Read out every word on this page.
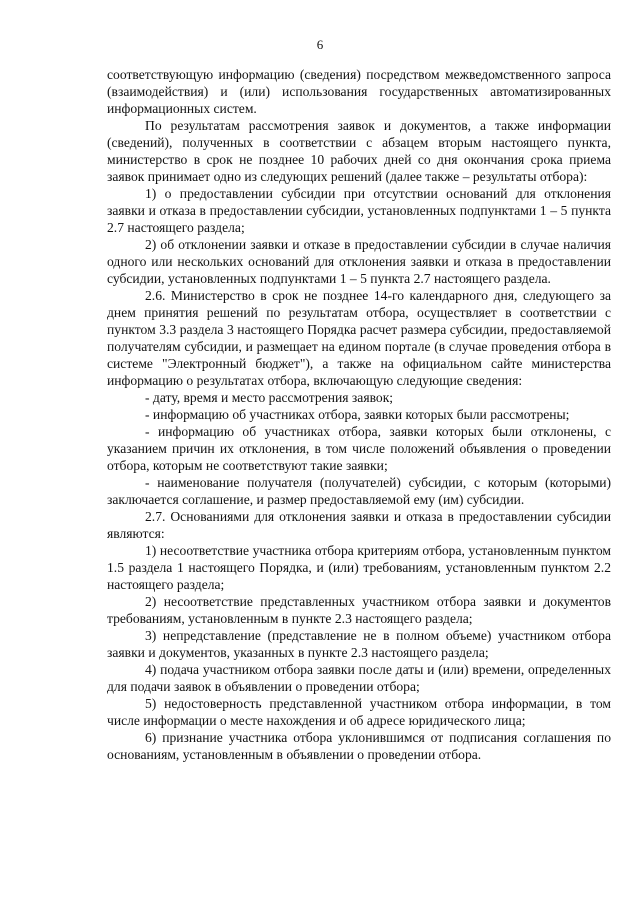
6

соответствующую информацию (сведения) посредством межведомственного запроса (взаимодействия) и (или) использования государственных автоматизированных информационных систем.

По результатам рассмотрения заявок и документов, а также информации (сведений), полученных в соответствии с абзацем вторым настоящего пункта, министерство в срок не позднее 10 рабочих дней со дня окончания срока приема заявок принимает одно из следующих решений (далее также – результаты отбора):

1) о предоставлении субсидии при отсутствии оснований для отклонения заявки и отказа в предоставлении субсидии, установленных подпунктами 1 – 5 пункта 2.7 настоящего раздела;

2) об отклонении заявки и отказе в предоставлении субсидии в случае наличия одного или нескольких оснований для отклонения заявки и отказа в предоставлении субсидии, установленных подпунктами 1 – 5 пункта 2.7 настоящего раздела.

2.6. Министерство в срок не позднее 14-го календарного дня, следующего за днем принятия решений по результатам отбора, осуществляет в соответствии с пунктом 3.3 раздела 3 настоящего Порядка расчет размера субсидии, предоставляемой получателям субсидии, и размещает на едином портале (в случае проведения отбора в системе "Электронный бюджет"), а также на официальном сайте министерства информацию о результатах отбора, включающую следующие сведения:

- дату, время и место рассмотрения заявок;

- информацию об участниках отбора, заявки которых были рассмотрены;

- информацию об участниках отбора, заявки которых были отклонены, с указанием причин их отклонения, в том числе положений объявления о проведении отбора, которым не соответствуют такие заявки;

- наименование получателя (получателей) субсидии, с которым (которыми) заключается соглашение, и размер предоставляемой ему (им) субсидии.

2.7. Основаниями для отклонения заявки и отказа в предоставлении субсидии являются:

1) несоответствие участника отбора критериям отбора, установленным пунктом 1.5 раздела 1 настоящего Порядка, и (или) требованиям, установленным пунктом 2.2 настоящего раздела;

2) несоответствие представленных участником отбора заявки и документов требованиям, установленным в пункте 2.3 настоящего раздела;

3) непредставление (представление не в полном объеме) участником отбора заявки и документов, указанных в пункте 2.3 настоящего раздела;

4) подача участником отбора заявки после даты и (или) времени, определенных для подачи заявок в объявлении о проведении отбора;

5) недостоверность представленной участником отбора информации, в том числе информации о месте нахождения и об адресе юридического лица;

6) признание участника отбора уклонившимся от подписания соглашения по основаниям, установленным в объявлении о проведении отбора.
